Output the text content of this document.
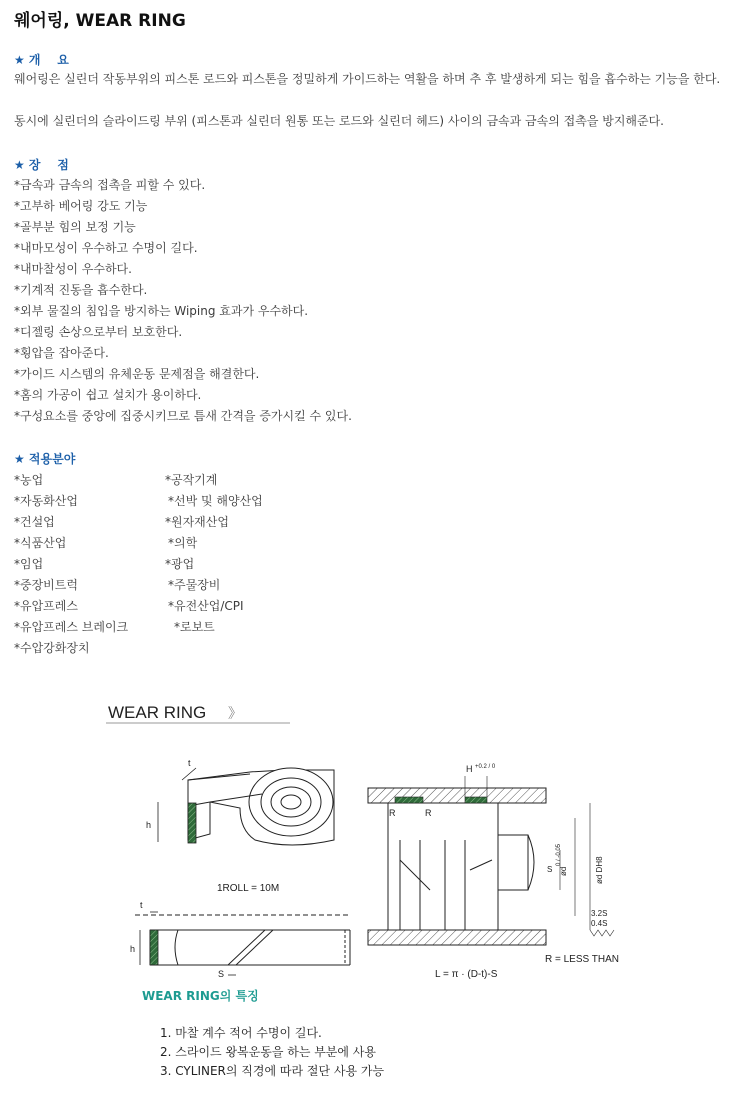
웨어링, WEAR RING
★ 개    요
웨어링은 실린더 작동부위의 피스톤 로드와 피스톤을 정밀하게 가이드하는 역활을 하며 추 후 발생하게 되는 힘을 흡수하는 기능을 한다.
동시에 실린더의 슬라이드링 부위 (피스톤과 실린더 원통 또는 로드와 실린더 헤드) 사이의 금속과 금속의 접촉을 방지해준다.
★ 장    점
*금속과 금속의 접촉을 피할 수 있다.
*고부하 베어링 강도 기능
*골부분 힘의 보정 기능
*내마모성이 우수하고 수명이 길다.
*내마찰성이 우수하다.
*기계적 진동을 흡수한다.
*외부 물질의 침입을 방지하는 Wiping 효과가 우수하다.
*디젤링 손상으로부터 보호한다.
*횡압을 잡아준다.
*가이드 시스템의 유체운동 문제점을 해결한다.
*홈의 가공이 쉽고 설치가 용이하다.
*구성요소를 중앙에 집중시키므로 틈새 간격을 증가시킬 수 있다.
★ 적용분야
*농업
*자동화산업
*건설업
*식품산업
*임업
*중장비트럭
*유압프레스
*유압프레스 브레이크
*수압강화장치
*공작기계
*선박 및 해양산업
*원자재산업
*의학
*광업
*주물장비
*유전산업/CPI
*로보트
WEAR RING 》
h
t
1ROLL = 10M
h
t
S
R	R
H +0.2 / 0
S ød
0 / -0.05
ød DH8
3.2S
0.4S
R = LESS THAN
L = π · (D-t)-S
WEAR RING의 특징
1. 마찰 계수 적어 수명이 길다.
2. 스라이드 왕복운동을 하는 부분에 사용
3. CYLINER의 직경에 따라 절단 사용 가능
